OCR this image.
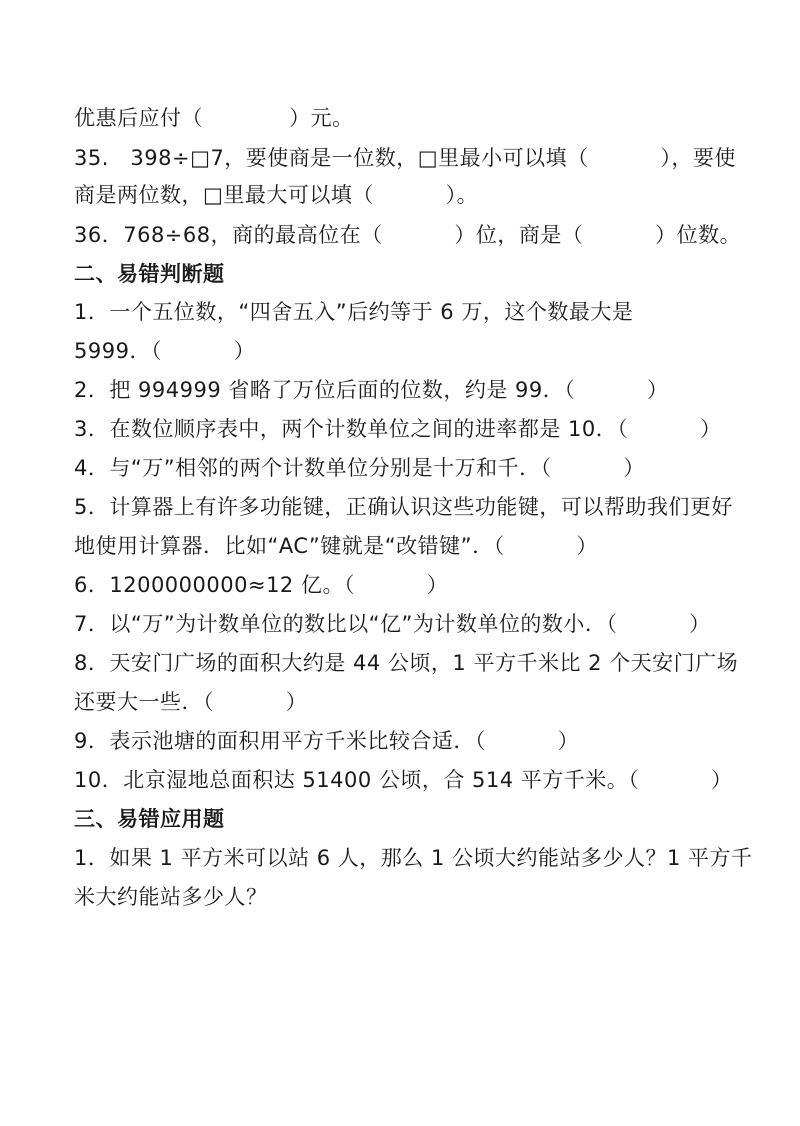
优惠后应付（            ）元。
35.   398÷□7，要使商是一位数，□里最小可以填（          ），要使
商是两位数，□里最大可以填（          ）。
36．768÷68，商的最高位在（          ）位，商是（          ）位数。
二、易错判断题
1．一个五位数，“四舍五入”后约等于 6 万，这个数最大是
5999．（          ）
2．把 994999 省略了万位后面的位数，约是 99．（          ）
3．在数位顺序表中，两个计数单位之间的进率都是 10．（          ）
4．与“万”相邻的两个计数单位分别是十万和千．（          ）
5．计算器上有许多功能键，正确认识这些功能键，可以帮助我们更好
地使用计算器．比如“AC”键就是“改错键”．（          ）
6．1200000000≈12 亿。（          ）
7．以“万”为计数单位的数比以“亿”为计数单位的数小．（          ）
8．天安门广场的面积大约是 44 公顷，1 平方千米比 2 个天安门广场
还要大一些．（          ）
9．表示池塘的面积用平方千米比较合适．（          ）
10．北京湿地总面积达 51400 公顷，合 514 平方千米。（          ）
三、易错应用题
1．如果 1 平方米可以站 6 人，那么 1 公顷大约能站多少人？1 平方千
米大约能站多少人？
